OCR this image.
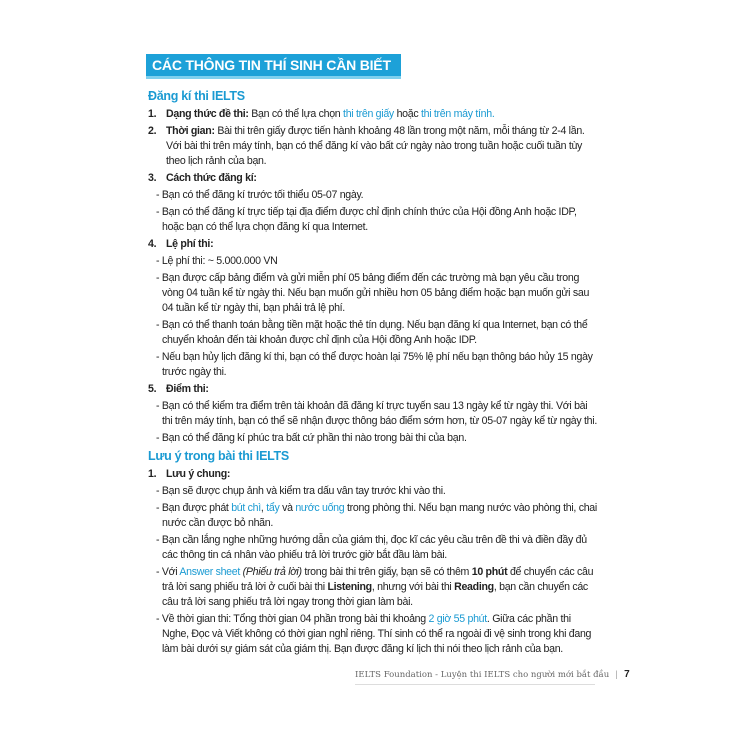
CÁC THÔNG TIN THÍ SINH CẦN BIẾT
Đăng kí thi IELTS
1. Dạng thức đề thi: Bạn có thể lựa chọn thi trên giấy hoặc thi trên máy tính.
2. Thời gian: Bài thi trên giấy được tiến hành khoảng 48 lần trong một năm, mỗi tháng từ 2-4 lần. Với bài thi trên máy tính, bạn có thể đăng kí vào bất cứ ngày nào trong tuần hoặc cuối tuần tùy theo lịch rảnh của bạn.
3. Cách thức đăng kí:
- Bạn có thể đăng kí trước tối thiểu 05-07 ngày.
- Bạn có thể đăng kí trực tiếp tại địa điểm được chỉ định chính thức của Hội đồng Anh hoặc IDP, hoặc bạn có thể lựa chọn đăng kí qua Internet.
4. Lệ phí thi:
- Lệ phí thi: ~ 5.000.000 VN
- Bạn được cấp bảng điểm và gửi miễn phí 05 bảng điểm đến các trường mà bạn yêu cầu trong vòng 04 tuần kể từ ngày thi. Nếu bạn muốn gửi nhiều hơn 05 bảng điểm hoặc bạn muốn gửi sau 04 tuần kể từ ngày thi, bạn phải trả lệ phí.
- Bạn có thể thanh toán bằng tiền mặt hoặc thẻ tín dụng. Nếu bạn đăng kí qua Internet, bạn có thể chuyển khoản đến tài khoản được chỉ định của Hội đồng Anh hoặc IDP.
- Nếu bạn hủy lịch đăng kí thi, bạn có thể được hoàn lại 75% lệ phí nếu bạn thông báo hủy 15 ngày trước ngày thi.
5. Điểm thi:
- Bạn có thể kiểm tra điểm trên tài khoản đã đăng kí trực tuyến sau 13 ngày kể từ ngày thi. Với bài thi trên máy tính, bạn có thể sẽ nhận được thông báo điểm sớm hơn, từ 05-07 ngày kể từ ngày thi.
- Bạn có thể đăng kí phúc tra bất cứ phần thi nào trong bài thi của bạn.
Lưu ý trong bài thi IELTS
1. Lưu ý chung:
- Bạn sẽ được chụp ảnh và kiểm tra dấu vân tay trước khi vào thi.
- Bạn được phát bút chì, tẩy và nước uống trong phòng thi. Nếu bạn mang nước vào phòng thi, chai nước cần được bỏ nhãn.
- Bạn cần lắng nghe những hướng dẫn của giám thị, đọc kĩ các yêu cầu trên đề thi và điền đầy đủ các thông tin cá nhân vào phiếu trả lời trước giờ bắt đầu làm bài.
- Với Answer sheet (Phiếu trả lời) trong bài thi trên giấy, bạn sẽ có thêm 10 phút để chuyển các câu trả lời sang phiếu trả lời ở cuối bài thi Listening, nhưng với bài thi Reading, bạn cần chuyển các câu trả lời sang phiếu trả lời ngay trong thời gian làm bài.
- Về thời gian thi: Tổng thời gian 04 phần trong bài thi khoảng 2 giờ 55 phút. Giữa các phần thi Nghe, Đọc và Viết không có thời gian nghỉ riêng. Thí sinh có thể ra ngoài đi vệ sinh trong khi đang làm bài dưới sự giám sát của giám thị. Bạn được đăng kí lịch thi nói theo lịch rảnh của bạn.
IELTS Foundation - Luyện thi IELTS cho người mới bắt đầu | 7
